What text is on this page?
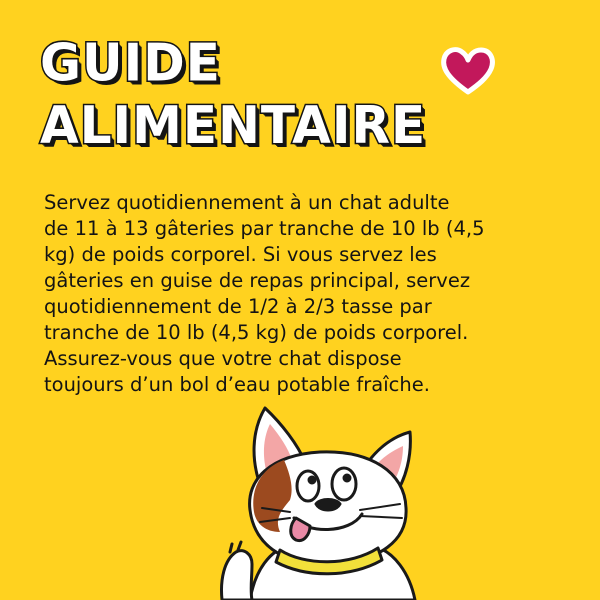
GUIDE
ALIMENTAIRE

Servez quotidiennement à un chat adulte
de 11 à 13 gâteries par tranche de 10 lb (4,5
kg) de poids corporel. Si vous servez les
gâteries en guise de repas principal, servez
quotidiennement de 1/2 à 2/3 tasse par
tranche de 10 lb (4,5 kg) de poids corporel.
Assurez-vous que votre chat dispose
toujours d’un bol d’eau potable fraîche.
